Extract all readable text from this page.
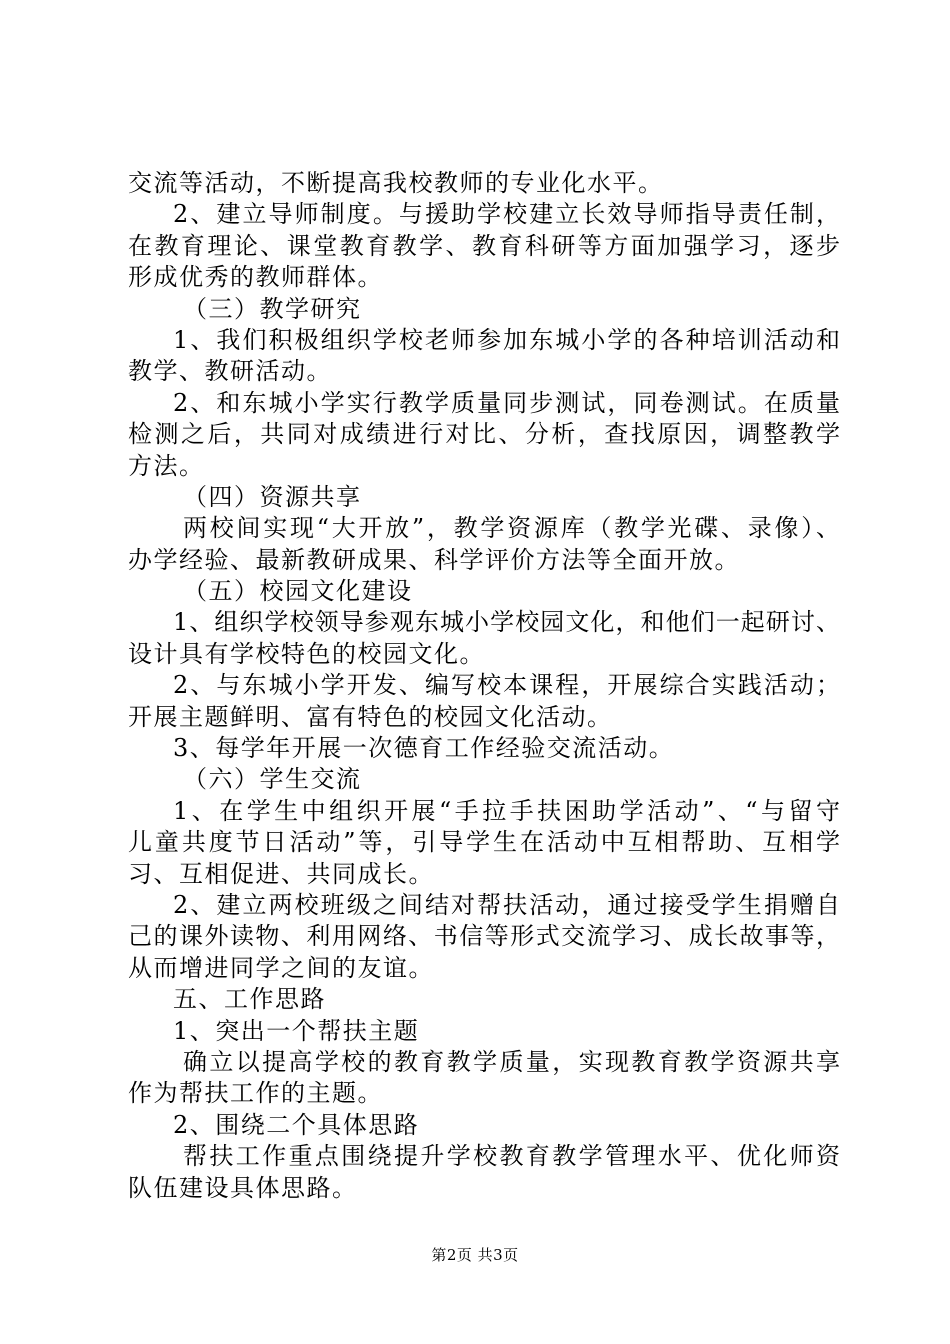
交流等活动，不断提高我校教师的专业化水平。
2、建立导师制度。与援助学校建立长效导师指导责任制，
在教育理论、课堂教育教学、教育科研等方面加强学习，逐步
形成优秀的教师群体。
（三）教学研究
1、我们积极组织学校老师参加东城小学的各种培训活动和
教学、教研活动。
2、和东城小学实行教学质量同步测试，同卷测试。在质量
检测之后，共同对成绩进行对比、分析，查找原因，调整教学
方法。
（四）资源共享
两校间实现“大开放”，教学资源库（教学光碟、录像）、
办学经验、最新教研成果、科学评价方法等全面开放。
（五）校园文化建设
1、组织学校领导参观东城小学校园文化，和他们一起研讨、
设计具有学校特色的校园文化。
2、与东城小学开发、编写校本课程，开展综合实践活动；
开展主题鲜明、富有特色的校园文化活动。
3、每学年开展一次德育工作经验交流活动。
（六）学生交流
1、在学生中组织开展“手拉手扶困助学活动”、“与留守
儿童共度节日活动”等，引导学生在活动中互相帮助、互相学
习、互相促进、共同成长。
2、建立两校班级之间结对帮扶活动，通过接受学生捐赠自
己的课外读物、利用网络、书信等形式交流学习、成长故事等，
从而增进同学之间的友谊。
五、工作思路
1、突出一个帮扶主题
确立以提高学校的教育教学质量，实现教育教学资源共享
作为帮扶工作的主题。
2、围绕二个具体思路
帮扶工作重点围绕提升学校教育教学管理水平、优化师资
队伍建设具体思路。
第2页 共3页
